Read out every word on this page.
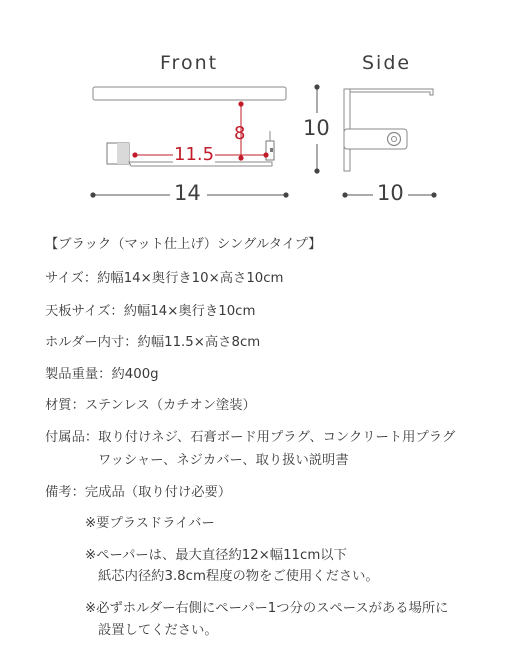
Front	Side
8
11.5
14
10
10
【ブラック（マット仕上げ）シングルタイプ】
サイズ：約幅14×奥行き10×高さ10cm
天板サイズ：約幅14×奥行き10cm
ホルダー内寸：約幅11.5×高さ8cm
製品重量：約400g
材質：ステンレス（カチオン塗装）
付属品：取り付けネジ、石膏ボード用プラグ、コンクリート用プラグ
ワッシャー、ネジカバー、取り扱い説明書
備考：完成品（取り付け必要）
※要プラスドライバー
※ペーパーは、最大直径約12×幅11cm以下
紙芯内径約3.8cm程度の物をご使用ください。
※必ずホルダー右側にペーパー1つ分のスペースがある場所に
設置してください。
